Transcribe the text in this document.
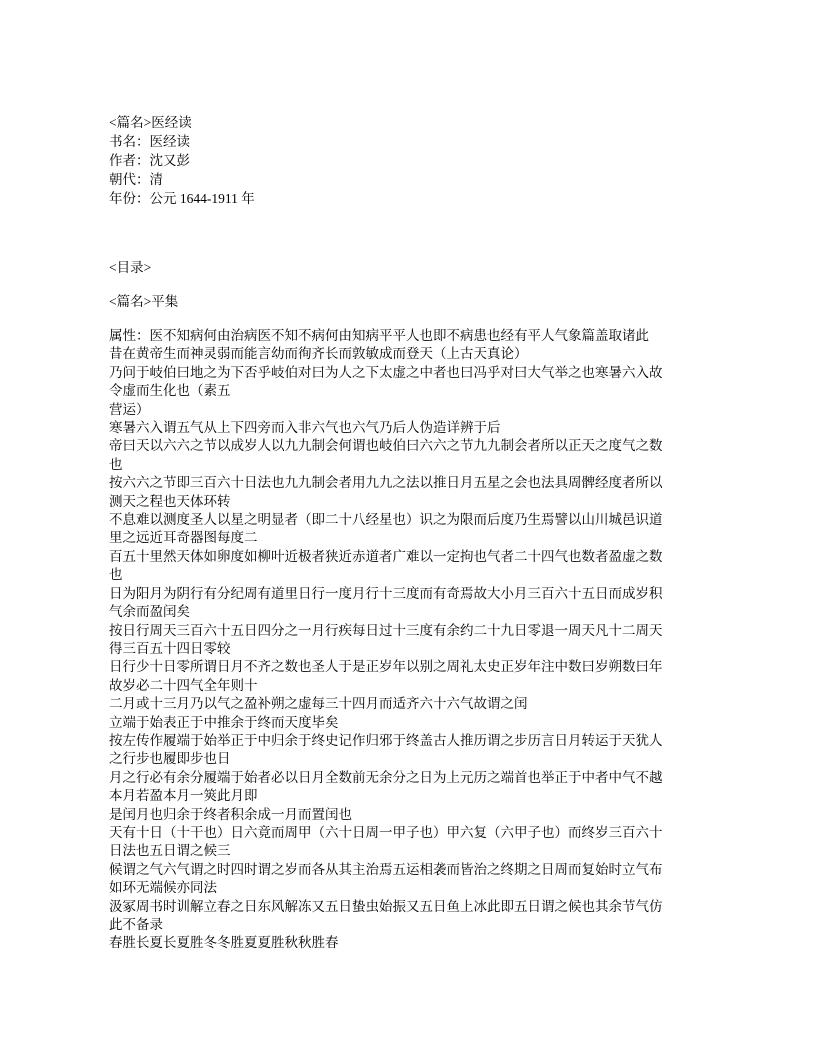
<篇名>医经读
书名：医经读
作者：沈又彭
朝代：清
年份：公元 1644-1911 年
<目录>
<篇名>平集
属性：医不知病何由治病医不知不病何由知病平平人也即不病患也经有平人气象篇盖取诸此
昔在黄帝生而神灵弱而能言幼而徇齐长而敦敏成而登天（上古天真论）
乃问于岐伯曰地之为下否乎岐伯对曰为人之下太虚之中者也曰冯乎对曰大气举之也寒暑六入故
令虚而生化也（素五
营运）
寒暑六入谓五气从上下四旁而入非六气也六气乃后人伪造详辨于后
帝曰天以六六之节以成岁人以九九制会何谓也岐伯曰六六之节九九制会者所以正天之度气之数
也
按六六之节即三百六十日法也九九制会者用九九之法以推日月五星之会也法具周髀经度者所以
测天之程也天体环转
不息难以测度圣人以星之明显者（即二十八经星也）识之为限而后度乃生焉譬以山川城邑识道
里之远近耳奇器图每度二
百五十里然天体如卵度如柳叶近极者狭近赤道者广难以一定拘也气者二十四气也数者盈虚之数
也
日为阳月为阴行有分纪周有道里日行一度月行十三度而有奇焉故大小月三百六十五日而成岁积
气余而盈闰矣
按日行周天三百六十五日四分之一月行疾每日过十三度有余约二十九日零退一周天凡十二周天
得三百五十四日零较
日行少十日零所谓日月不齐之数也圣人于是正岁年以别之周礼太史正岁年注中数曰岁朔数曰年
故岁必二十四气全年则十
二月或十三月乃以气之盈补朔之虚每三十四月而适齐六十六气故谓之闰
立端于始表正于中推余于终而天度毕矣
按左传作履端于始举正于中归余于终史记作归邪于终盖古人推历谓之步历言日月转运于天犹人
之行步也履即步也日
月之行必有余分履端于始者必以日月全数前无余分之日为上元历之端首也举正于中者中气不越
本月若盈本月一筴此月即
是闰月也归余于终者积余成一月而置闰也
天有十日（十干也）日六竟而周甲（六十日周一甲子也）甲六复（六甲子也）而终岁三百六十
日法也五日谓之候三
候谓之气六气谓之时四时谓之岁而各从其主治焉五运相袭而皆治之终期之日周而复始时立气布
如环无端候亦同法
汲冢周书时训解立春之日东风解冻又五日蛰虫始振又五日鱼上冰此即五日谓之候也其余节气仿
此不备录
春胜长夏长夏胜冬冬胜夏夏胜秋秋胜春
